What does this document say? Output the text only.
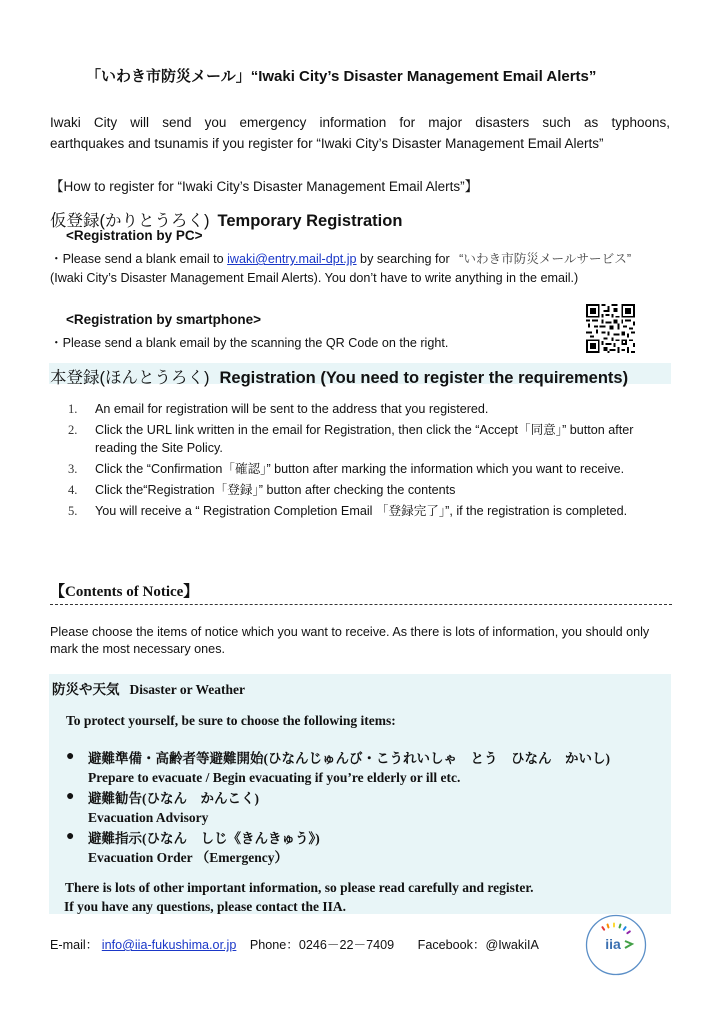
「いわき市防災メール」“Iwaki City’s Disaster Management Email Alerts”
Iwaki City will send you emergency information for major disasters such as typhoons,
earthquakes and tsunamis if you register for “Iwaki City’s Disaster Management Email Alerts”
【How to register for “Iwaki City’s Disaster Management Email Alerts”】
仮登録(かりとうろく) Temporary Registration
<Registration by PC>
・Please send a blank email to iwaki@entry.mail-dpt.jp by searching for “いわき市防災メールサービス”
(Iwaki City’s Disaster Management Email Alerts). You don’t have to write anything in the email.)
<Registration by smartphone>
・Please send a blank email by the scanning the QR Code on the right.
本登録(ほんとうろく) Registration (You need to register the requirements)
1. An email for registration will be sent to the address that you registered.
2. Click the URL link written in the email for Registration, then click the “Accept「同意」” button after reading the Site Policy.
3. Click the “Confirmation「確認」” button after marking the information which you want to receive.
4. Click the“Registration「登録」” button after checking the contents
5. You will receive a “ Registration Completion Email 「登録完了」”, if the registration is completed.
【Contents of Notice】
Please choose the items of notice which you want to receive. As there is lots of information, you should only mark the most necessary ones.
防災や天気 Disaster or Weather
To protect yourself, be sure to choose the following items:
● 避難準備・高齢者等避難開始(ひなんじゅんび・こうれいしゃ　とう　ひなん　かいし)
Prepare to evacuate / Begin evacuating if you’re elderly or ill etc.
● 避難勧告(ひなん　かんこく)
Evacuation Advisory
● 避難指示(ひなん　しじ《きんきゅう》)
Evacuation Order （Emergency）
There is lots of other important information, so please read carefully and register.
If you have any questions, please contact the IIA.
E-mail： info@iia-fukushima.or.jp Phone：0246－22－7409 Facebook：@IwakiIA	iia
